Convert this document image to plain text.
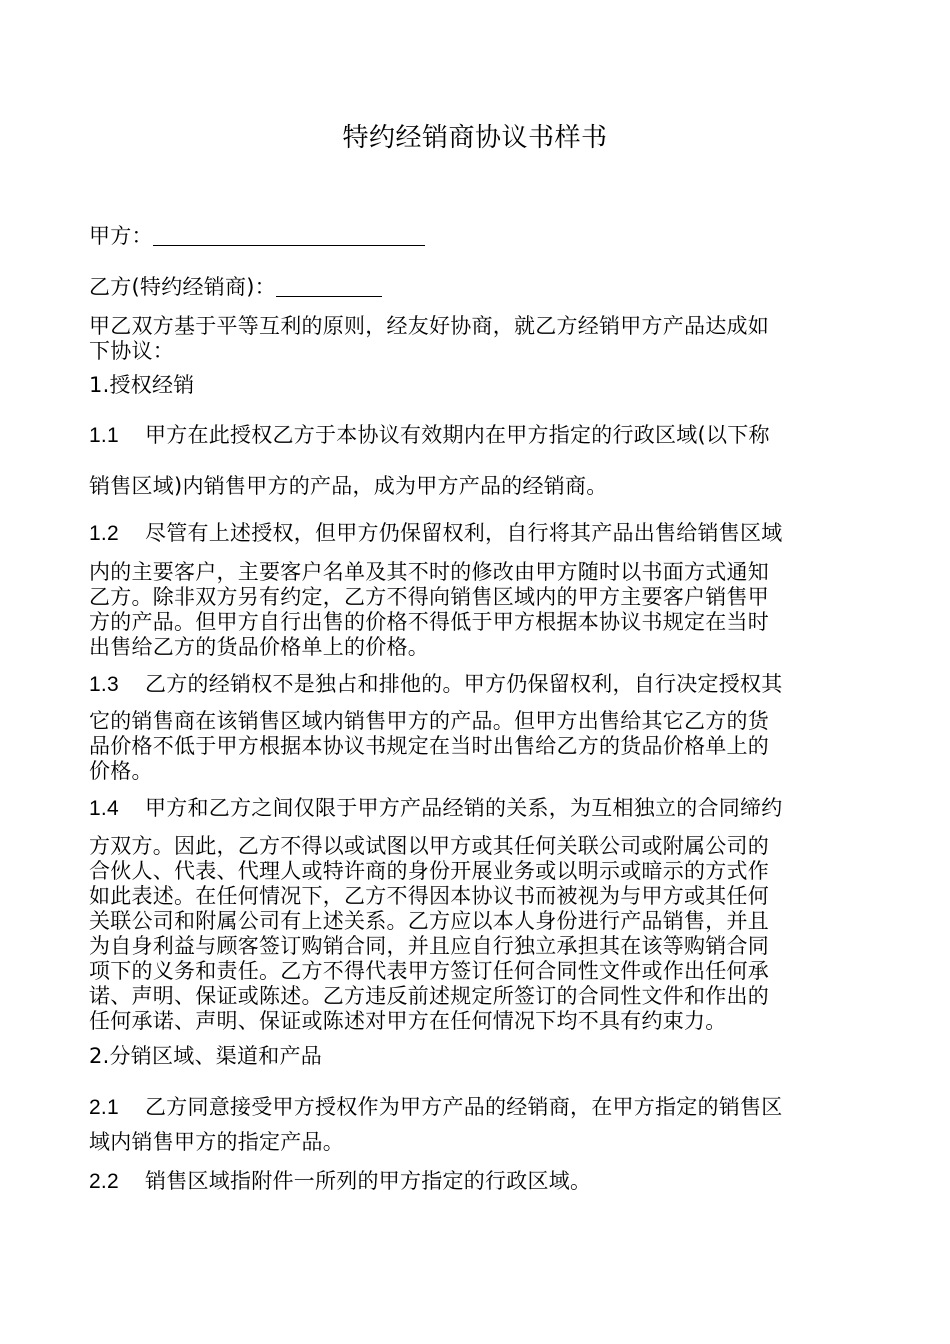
特约经销商协议书样书
甲方：
乙方(特约经销商)：
甲乙双方基于平等互利的原则，经友好协商，就乙方经销甲方产品达成如
下协议：
1.授权经销
1.1 甲方在此授权乙方于本协议有效期内在甲方指定的行政区域(以下称
销售区域)内销售甲方的产品，成为甲方产品的经销商。
1.2 尽管有上述授权，但甲方仍保留权利，自行将其产品出售给销售区域
内的主要客户，主要客户名单及其不时的修改由甲方随时以书面方式通知
乙方。除非双方另有约定，乙方不得向销售区域内的甲方主要客户销售甲
方的产品。但甲方自行出售的价格不得低于甲方根据本协议书规定在当时
出售给乙方的货品价格单上的价格。
1.3 乙方的经销权不是独占和排他的。甲方仍保留权利，自行决定授权其
它的销售商在该销售区域内销售甲方的产品。但甲方出售给其它乙方的货
品价格不低于甲方根据本协议书规定在当时出售给乙方的货品价格单上的
价格。
1.4 甲方和乙方之间仅限于甲方产品经销的关系，为互相独立的合同缔约
方双方。因此，乙方不得以或试图以甲方或其任何关联公司或附属公司的
合伙人、代表、代理人或特许商的身份开展业务或以明示或暗示的方式作
如此表述。在任何情况下，乙方不得因本协议书而被视为与甲方或其任何
关联公司和附属公司有上述关系。乙方应以本人身份进行产品销售，并且
为自身利益与顾客签订购销合同，并且应自行独立承担其在该等购销合同
项下的义务和责任。乙方不得代表甲方签订任何合同性文件或作出任何承
诺、声明、保证或陈述。乙方违反前述规定所签订的合同性文件和作出的
任何承诺、声明、保证或陈述对甲方在任何情况下均不具有约束力。
2.分销区域、渠道和产品
2.1 乙方同意接受甲方授权作为甲方产品的经销商，在甲方指定的销售区
域内销售甲方的指定产品。
2.2 销售区域指附件一所列的甲方指定的行政区域。
